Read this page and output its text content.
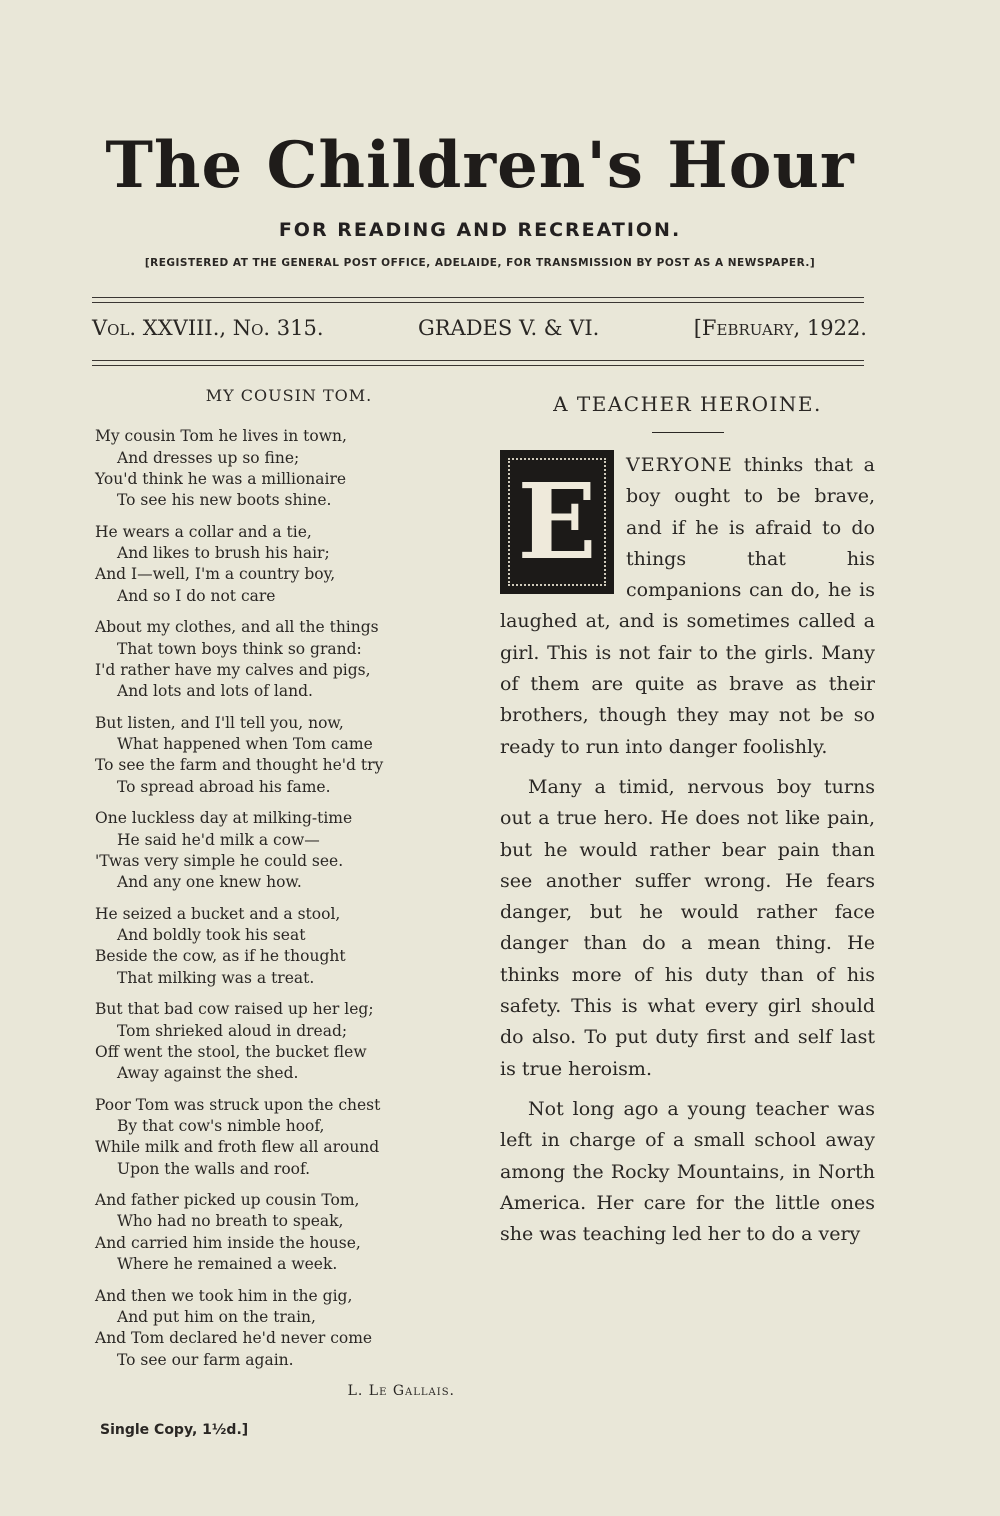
The Children's Hour
FOR READING AND RECREATION.
[REGISTERED AT THE GENERAL POST OFFICE, ADELAIDE, FOR TRANSMISSION BY POST AS A NEWSPAPER.]
Vol. XXVIII., No. 315.	GRADES V. & VI.	[February, 1922.
MY COUSIN TOM.
My cousin Tom he lives in town,
And dresses up so fine;
You'd think he was a millionaire
To see his new boots shine.
He wears a collar and a tie,
And likes to brush his hair;
And I—well, I'm a country boy,
And so I do not care
About my clothes, and all the things
That town boys think so grand:
I'd rather have my calves and pigs,
And lots and lots of land.
But listen, and I'll tell you, now,
What happened when Tom came
To see the farm and thought he'd try
To spread abroad his fame.
One luckless day at milking-time
He said he'd milk a cow—
'Twas very simple he could see.
And any one knew how.
He seized a bucket and a stool,
And boldly took his seat
Beside the cow, as if he thought
That milking was a treat.
But that bad cow raised up her leg;
Tom shrieked aloud in dread;
Off went the stool, the bucket flew
Away against the shed.
Poor Tom was struck upon the chest
By that cow's nimble hoof,
While milk and froth flew all around
Upon the walls and roof.
And father picked up cousin Tom,
Who had no breath to speak,
And carried him inside the house,
Where he remained a week.
And then we took him in the gig,
And put him on the train,
And Tom declared he'd never come
To see our farm again.
L. Le Gallais.
Single Copy, 1½d.]
A TEACHER HEROINE.
E	VERYONE thinks that a boy ought to be brave, and if he is afraid to do things that his companions can do, he is laughed at, and is sometimes called a girl. This is not fair to the girls. Many of them are quite as brave as their brothers, though they may not be so ready to run into danger foolishly.

Many a timid, nervous boy turns out a true hero. He does not like pain, but he would rather bear pain than see another suffer wrong. He fears danger, but he would rather face danger than do a mean thing. He thinks more of his duty than of his safety. This is what every girl should do also. To put duty first and self last is true heroism.

Not long ago a young teacher was left in charge of a small school away among the Rocky Mountains, in North America. Her care for the little ones she was teaching led her to do a very
